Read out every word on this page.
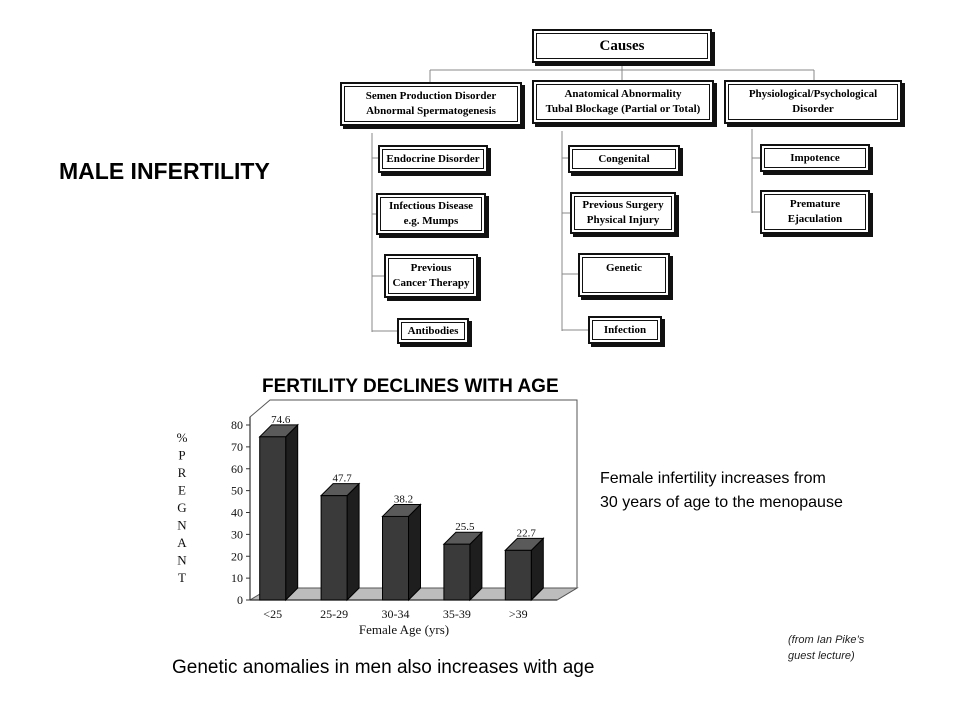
MALE INFERTILITY
FERTILITY DECLINES WITH AGE
Female infertility increases from
30 years of age to the menopause
Genetic anomalies in men also increases with age
(from Ian Pike’s
guest lecture)
Causes
Semen Production Disorder
Abnormal Spermatogenesis
Anatomical Abnormality
Tubal Blockage (Partial or Total)
Physiological/Psychological
Disorder
Endocrine Disorder
Infectious Disease
e.g. Mumps
Previous
Cancer Therapy
Antibodies
Congenital
Previous Surgery
Physical Injury
Genetic
Infection
Impotence
Premature
Ejaculation
0
10
20
30
40
50
60
70
80	74.6
47.7
38.2
25.5
22.7
<25	25-29	30-34	35-39	>39
Female Age (yrs)
%
P
R
E
G
N
A
N
T
